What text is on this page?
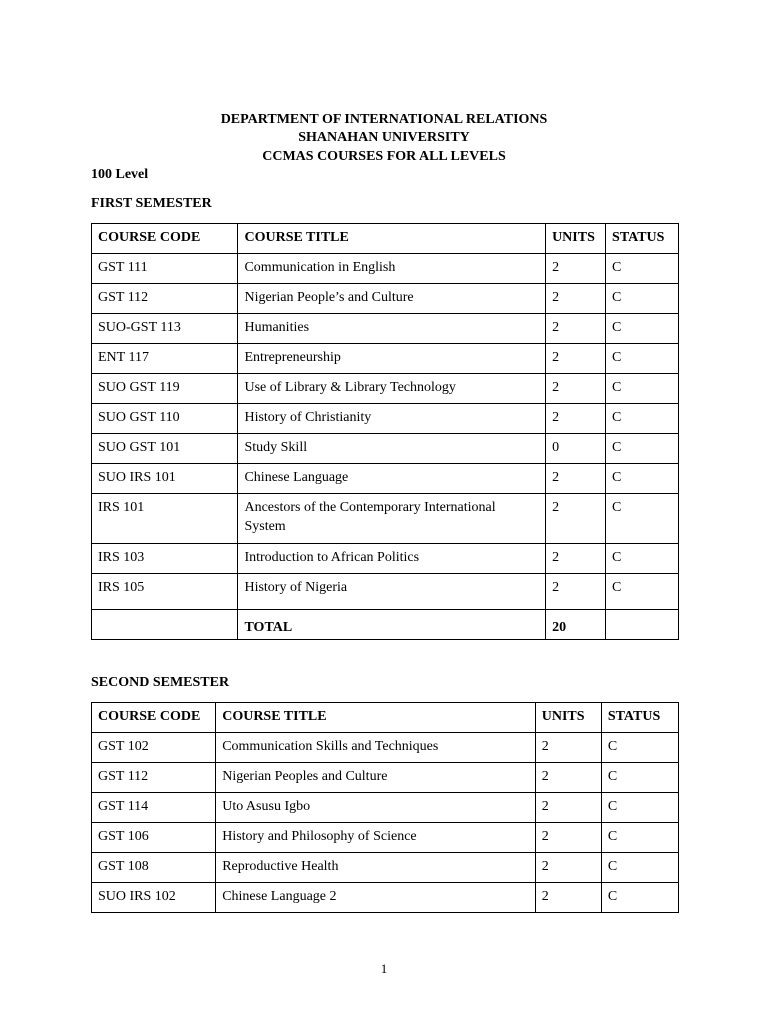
DEPARTMENT OF INTERNATIONAL RELATIONS
SHANAHAN UNIVERSITY
CCMAS COURSES FOR ALL LEVELS
100 Level
FIRST SEMESTER
COURSE CODE	COURSE TITLE	UNITS	STATUS
GST 111	Communication in English	2	C
GST 112	Nigerian People’s and Culture	2	C
SUO-GST 113	Humanities	2	C
ENT 117	Entrepreneurship	2	C
SUO GST 119	Use of Library & Library Technology	2	C
SUO GST 110	History of Christianity	2	C
SUO GST 101	Study Skill	0	C
SUO IRS 101	Chinese Language	2	C
IRS 101	Ancestors of the Contemporary International System	2	C
IRS 103	Introduction to African Politics	2	C
IRS 105	History of Nigeria	2	C
	TOTAL	20	
SECOND SEMESTER
COURSE CODE	COURSE TITLE	UNITS	STATUS
GST 102	Communication Skills and Techniques	2	C
GST 112	Nigerian Peoples and Culture	2	C
GST 114	Uto Asusu Igbo	2	C
GST 106	History and Philosophy of Science	2	C
GST 108	Reproductive Health	2	C
SUO IRS 102	Chinese Language 2	2	C
1
